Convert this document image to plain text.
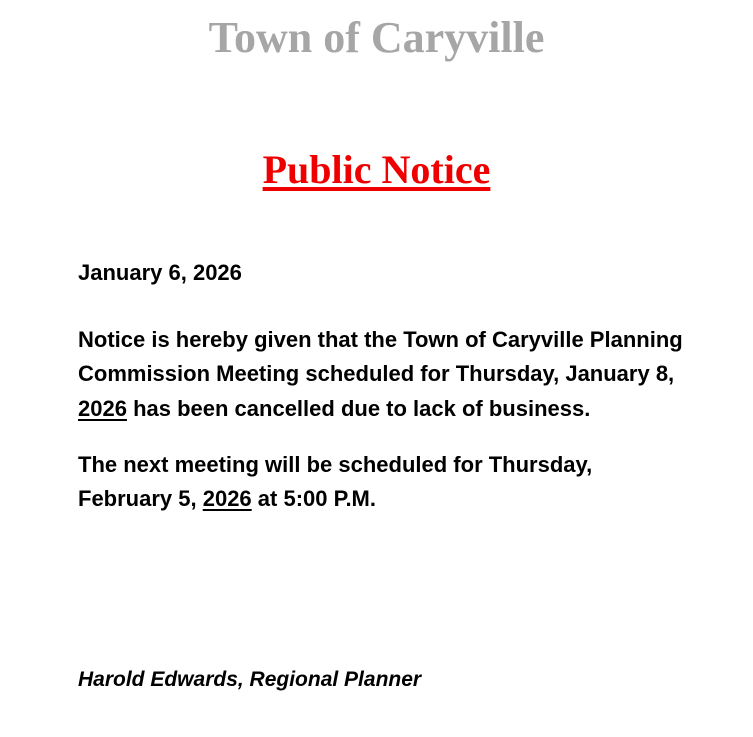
Town of Caryville
Public Notice

January 6, 2026

Notice is hereby given that the Town of Caryville Planning Commission Meeting scheduled for Thursday, January 8, 2026 has been cancelled due to lack of business.

The next meeting will be scheduled for Thursday, February 5, 2026 at 5:00 P.M.

Harold Edwards, Regional Planner
